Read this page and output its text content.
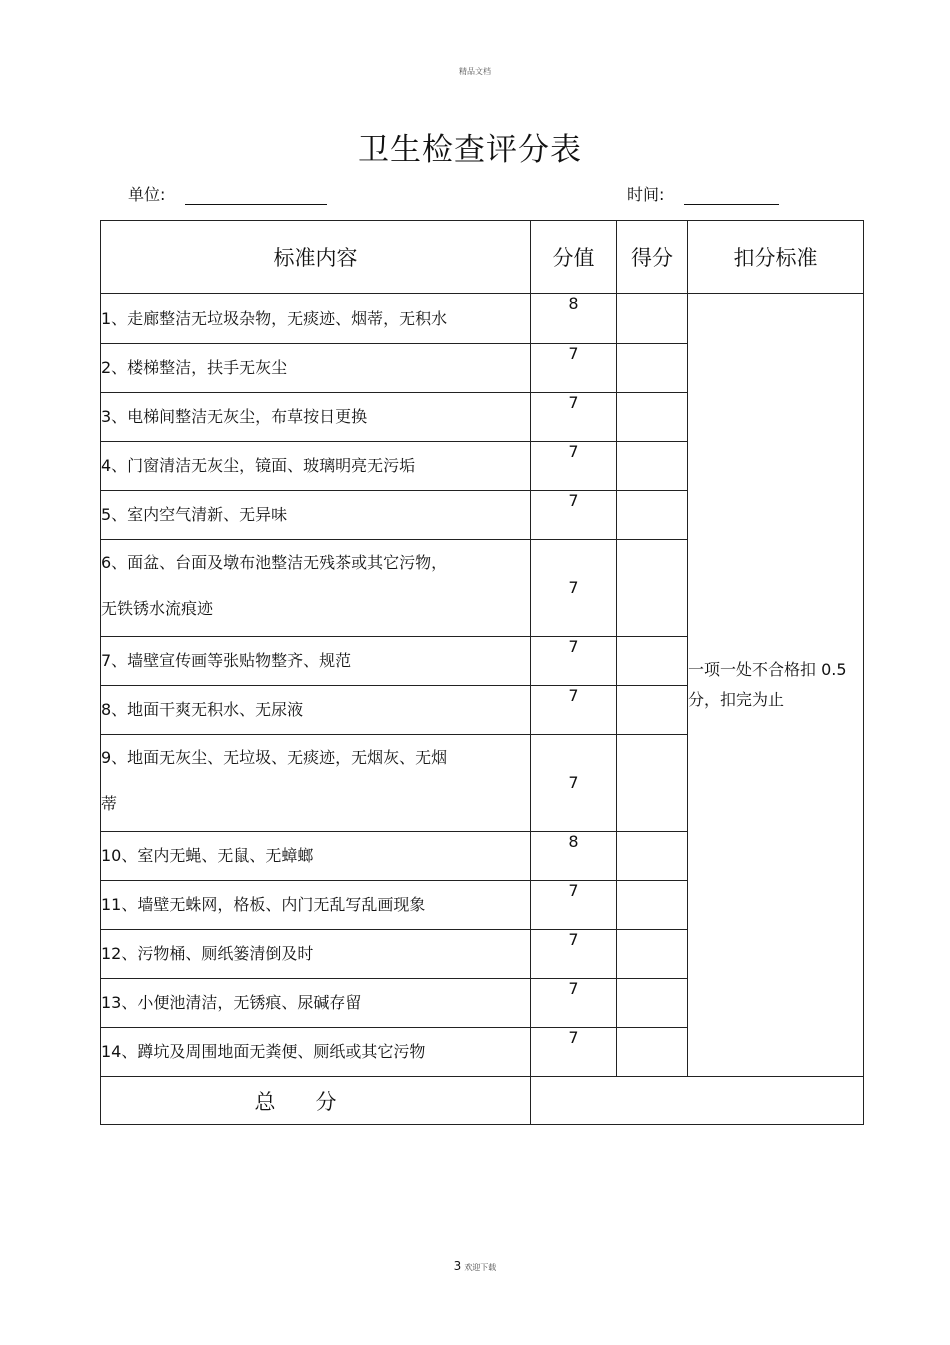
精品文档
卫生检查评分表
单位:	时间:
标准内容	分值	得分	扣分标准
1、走廊整洁无垃圾杂物，无痰迹、烟蒂，无积水	8		一项一处不合格扣 0.5 分，扣完为止
2、楼梯整洁，扶手无灰尘	7		
3、电梯间整洁无灰尘，布草按日更换	7		
4、门窗清洁无灰尘，镜面、玻璃明亮无污垢	7		
5、室内空气清新、无异味	7		

6、面盆、台面及墩布池整洁无残茶或其它污物，
无铁锈水流痕迹	7		
7、墙壁宣传画等张贴物整齐、规范	7		
8、地面干爽无积水、无尿液	7		

9、地面无灰尘、无垃圾、无痰迹，无烟灰、无烟
蒂	7		
10、室内无蝇、无鼠、无蟑螂	8		
11、墙壁无蛛网，格板、内门无乱写乱画现象	7		
12、污物桶、厕纸篓清倒及时	7		
13、小便池清洁，无锈痕、尿碱存留	7		
14、蹲坑及周围地面无粪便、厕纸或其它污物	7		
总分			
3 欢迎下载
